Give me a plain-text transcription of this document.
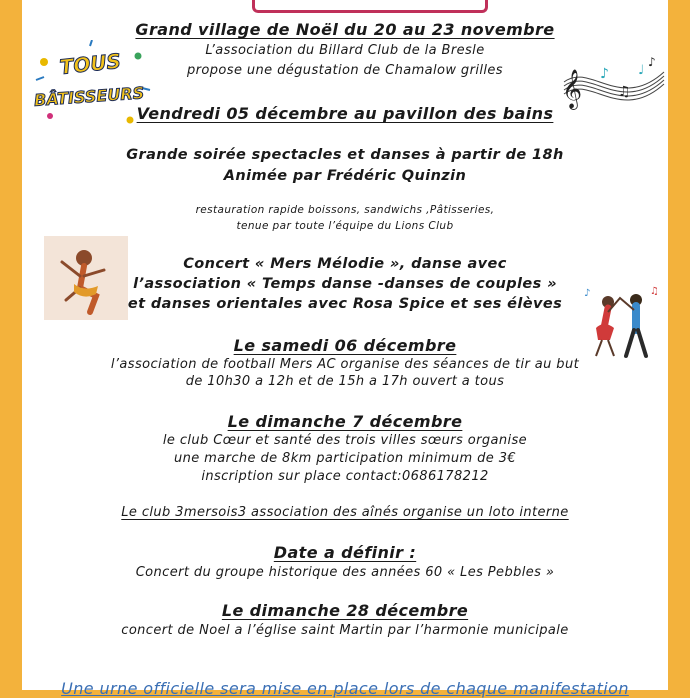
TOUS
BÂTISSEURS	𝄞 ♪
♫
♩
♪
♪	♫
Grand village de Noël du 20 au 23 novembre
L’association du Billard Club de la Bresle
propose une dégustation de Chamalow grilles
Vendredi 05 décembre au pavillon des bains
Grande soirée spectacles et danses à partir de 18h
Animée par Frédéric Quinzin
restauration rapide boissons, sandwichs ,Pâtisseries,
tenue par toute l’équipe du Lions Club
Concert « Mers Mélodie », danse avec
l’association « Temps danse -danses de couples »
et danses orientales avec Rosa Spice et ses élèves
Le samedi 06 décembre
l’association de football Mers AC organise des séances de tir au but
de 10h30 a 12h et de 15h a 17h ouvert a tous
Le dimanche 7 décembre
le club Cœur et santé des trois villes sœurs organise
une marche de 8km participation minimum de 3€
inscription sur place contact:0686178212
Le club 3mersois3 association des aînés organise un loto interne
Date a définir :
Concert du groupe historique des années 60 « Les Pebbles »
Le dimanche 28 décembre
concert de Noel a l’église saint Martin par l’harmonie municipale
Une urne officielle sera mise en place lors de chaque manifestation
